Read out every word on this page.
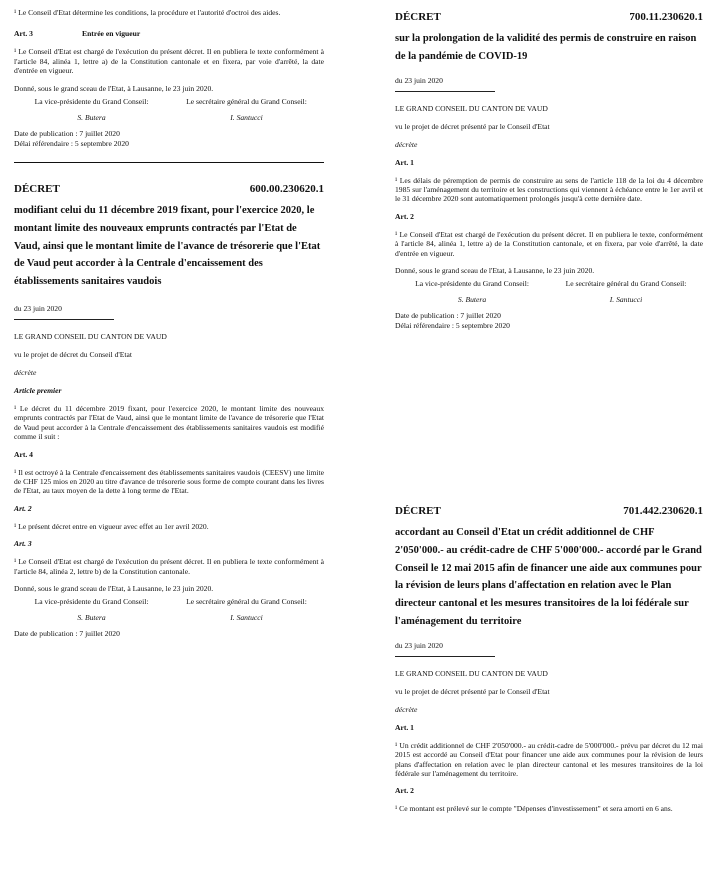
¹ Le Conseil d'Etat détermine les conditions, la procédure et l'autorité d'octroi des aides.

Art. 3	Entrée en vigueur

¹ Le Conseil d'Etat est chargé de l'exécution du présent décret. Il en publiera le texte conformément à l'article 84, alinéa 1, lettre a) de la Constitution cantonale et en fixera, par voie d'arrêté, la date d'entrée en vigueur.

Donné, sous le grand sceau de l'Etat, à Lausanne, le 23 juin 2020.

La vice-présidente du Grand Conseil:	Le secrétaire général du Grand Conseil:
S. Butera	I. Santucci

Date de publication : 7 juillet 2020

Délai référendaire : 5 septembre 2020

DÉCRET	600.00.230620.1

modifiant celui du 11 décembre 2019 fixant, pour l'exercice 2020, le montant limite des nouveaux emprunts contractés par l'Etat de Vaud, ainsi que le montant limite de l'avance de trésorerie que l'Etat de Vaud peut accorder à la Centrale d'encaissement des établissements sanitaires vaudois

du 23 juin 2020

LE GRAND CONSEIL DU CANTON DE VAUD

vu le projet de décret du Conseil d'Etat

décrète

Article premier

¹ Le décret du 11 décembre 2019 fixant, pour l'exercice 2020, le montant limite des nouveaux emprunts contractés par l'Etat de Vaud, ainsi que le montant limite de l'avance de trésorerie que l'Etat de Vaud peut accorder à la Centrale d'encaissement des établissements sanitaires vaudois est modifié comme il suit :

Art. 4

¹ Il est octroyé à la Centrale d'encaissement des établissements sanitaires vaudois (CEESV) une limite de CHF 125 mios en 2020 au titre d'avance de trésorerie sous forme de compte courant dans les livres de l'Etat, au taux moyen de la dette à long terme de l'Etat.

Art. 2

¹ Le présent décret entre en vigueur avec effet au 1er avril 2020.

Art. 3

¹ Le Conseil d'Etat est chargé de l'exécution du présent décret. Il en publiera le texte conformément à l'article 84, alinéa 2, lettre b) de la Constitution cantonale.

Donné, sous le grand sceau de l'Etat, à Lausanne, le 23 juin 2020.

La vice-présidente du Grand Conseil:	Le secrétaire général du Grand Conseil:
S. Butera	I. Santucci

Date de publication : 7 juillet 2020

DÉCRET	700.11.230620.1

sur la prolongation de la validité des permis de construire en raison de la pandémie de COVID-19

du 23 juin 2020

LE GRAND CONSEIL DU CANTON DE VAUD

vu le projet de décret présenté par le Conseil d'Etat

décrète

Art. 1

¹ Les délais de péremption de permis de construire au sens de l'article 118 de la loi du 4 décembre 1985 sur l'aménagement du territoire et les constructions qui viennent à échéance entre le 1er avril et le 31 décembre 2020 sont automatiquement prolongés jusqu'à cette dernière date.

Art. 2

¹ Le Conseil d'Etat est chargé de l'exécution du présent décret. Il en publiera le texte, conformément à l'article 84, alinéa 1, lettre a) de la Constitution cantonale, et en fixera, par voie d'arrêté, la date d'entrée en vigueur.

Donné, sous le grand sceau de l'Etat, à Lausanne, le 23 juin 2020.

La vice-présidente du Grand Conseil:	Le secrétaire général du Grand Conseil:
S. Butera	I. Santucci

Date de publication : 7 juillet 2020

Délai référendaire : 5 septembre 2020

DÉCRET	701.442.230620.1

accordant au Conseil d'Etat un crédit additionnel de CHF 2'050'000.- au crédit-cadre de CHF 5'000'000.- accordé par le Grand Conseil le 12 mai 2015 afin de financer une aide aux communes pour la révision de leurs plans d'affectation en relation avec le Plan directeur cantonal et les mesures transitoires de la loi fédérale sur l'aménagement du territoire

du 23 juin 2020

LE GRAND CONSEIL DU CANTON DE VAUD

vu le projet de décret présenté par le Conseil d'Etat

décrète

Art. 1

¹ Un crédit additionnel de CHF 2'050'000.- au crédit-cadre de 5'000'000.- prévu par décret du 12 mai 2015 est accordé au Conseil d'Etat pour financer une aide aux communes pour la révision de leurs plans d'affectation en relation avec le plan directeur cantonal et les mesures transitoires de la loi fédérale sur l'aménagement du territoire.

Art. 2

¹ Ce montant est prélevé sur le compte "Dépenses d'investissement" et sera amorti en 6 ans.
